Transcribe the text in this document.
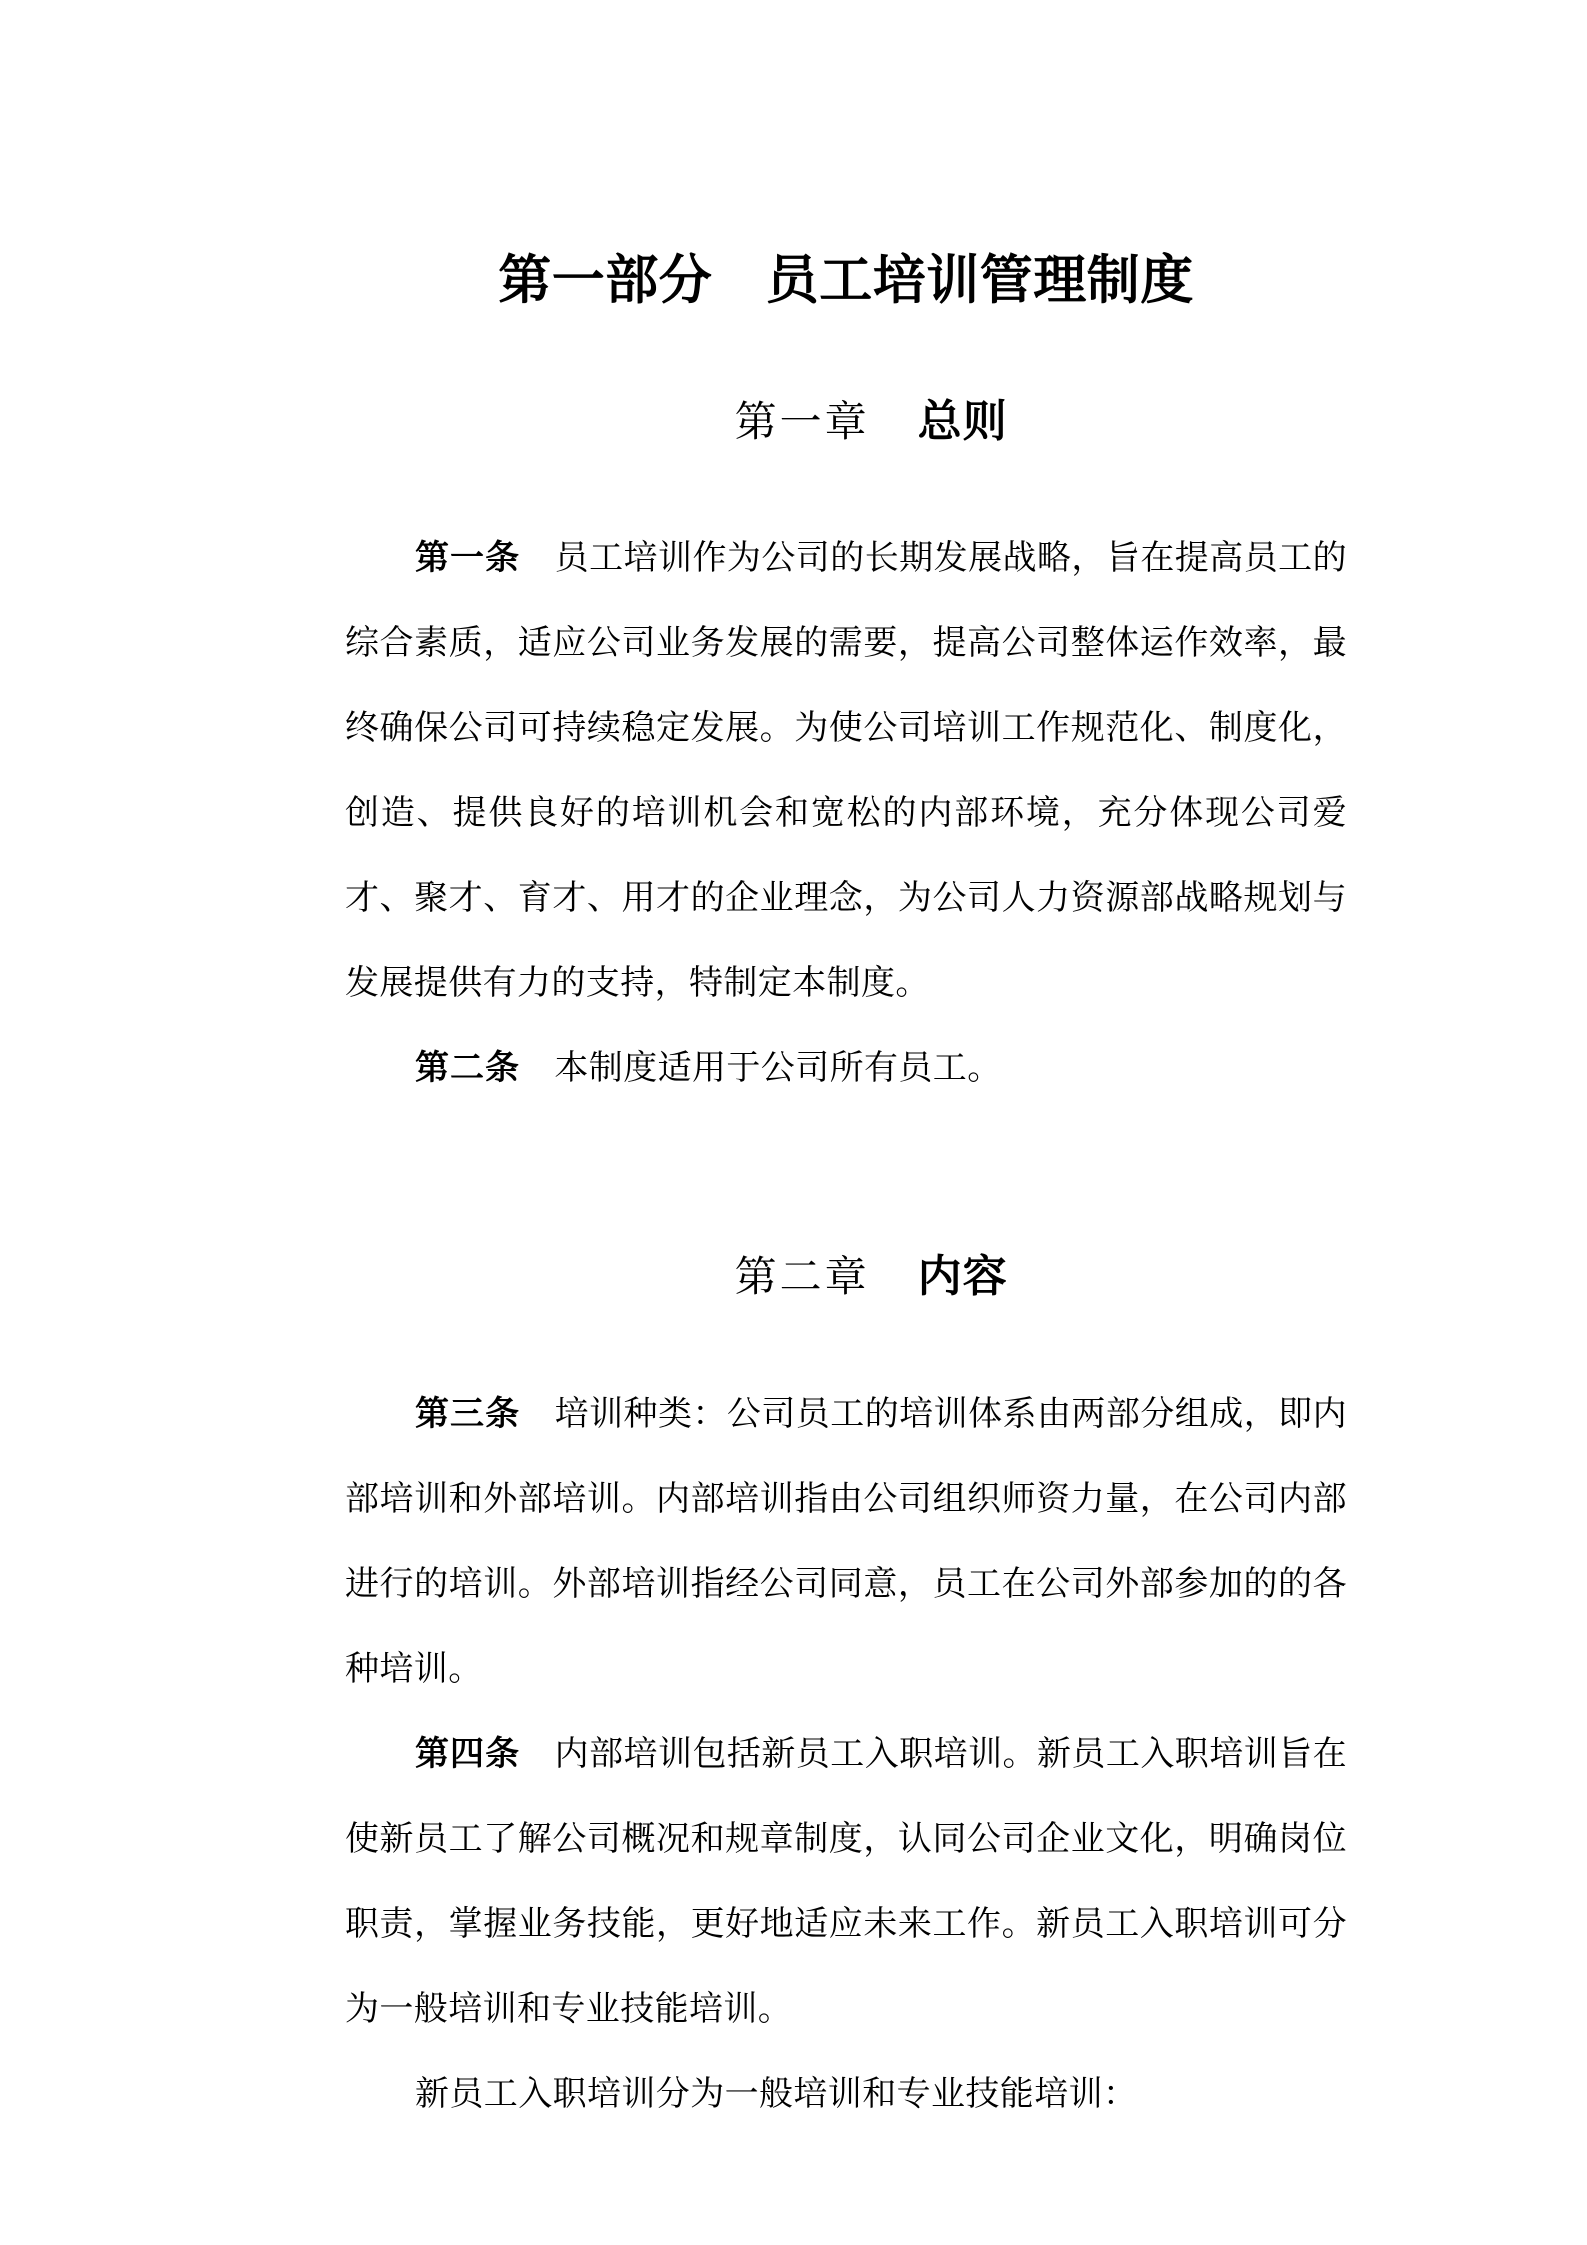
第一部分　员工培训管理制度

第一章　　 总则

第一条　员工培训作为公司的长期发展战略，旨在提高员工的综合素质，适应公司业务发展的需要，提高公司整体运作效率，最终确保公司可持续稳定发展。为使公司培训工作规范化、制度化，创造、提供良好的培训机会和宽松的内部环境，充分体现公司爱才、聚才、育才、用才的企业理念，为公司人力资源部战略规划与发展提供有力的支持，特制定本制度。

第二条　本制度适用于公司所有员工。

第二章　　 内容

第三条　培训种类：公司员工的培训体系由两部分组成，即内部培训和外部培训。内部培训指由公司组织师资力量，在公司内部进行的培训。外部培训指经公司同意，员工在公司外部参加的的各种培训。

第四条　内部培训包括新员工入职培训。新员工入职培训旨在使新员工了解公司概况和规章制度，认同公司企业文化，明确岗位职责，掌握业务技能，更好地适应未来工作。新员工入职培训可分为一般培训和专业技能培训。

新员工入职培训分为一般培训和专业技能培训：
